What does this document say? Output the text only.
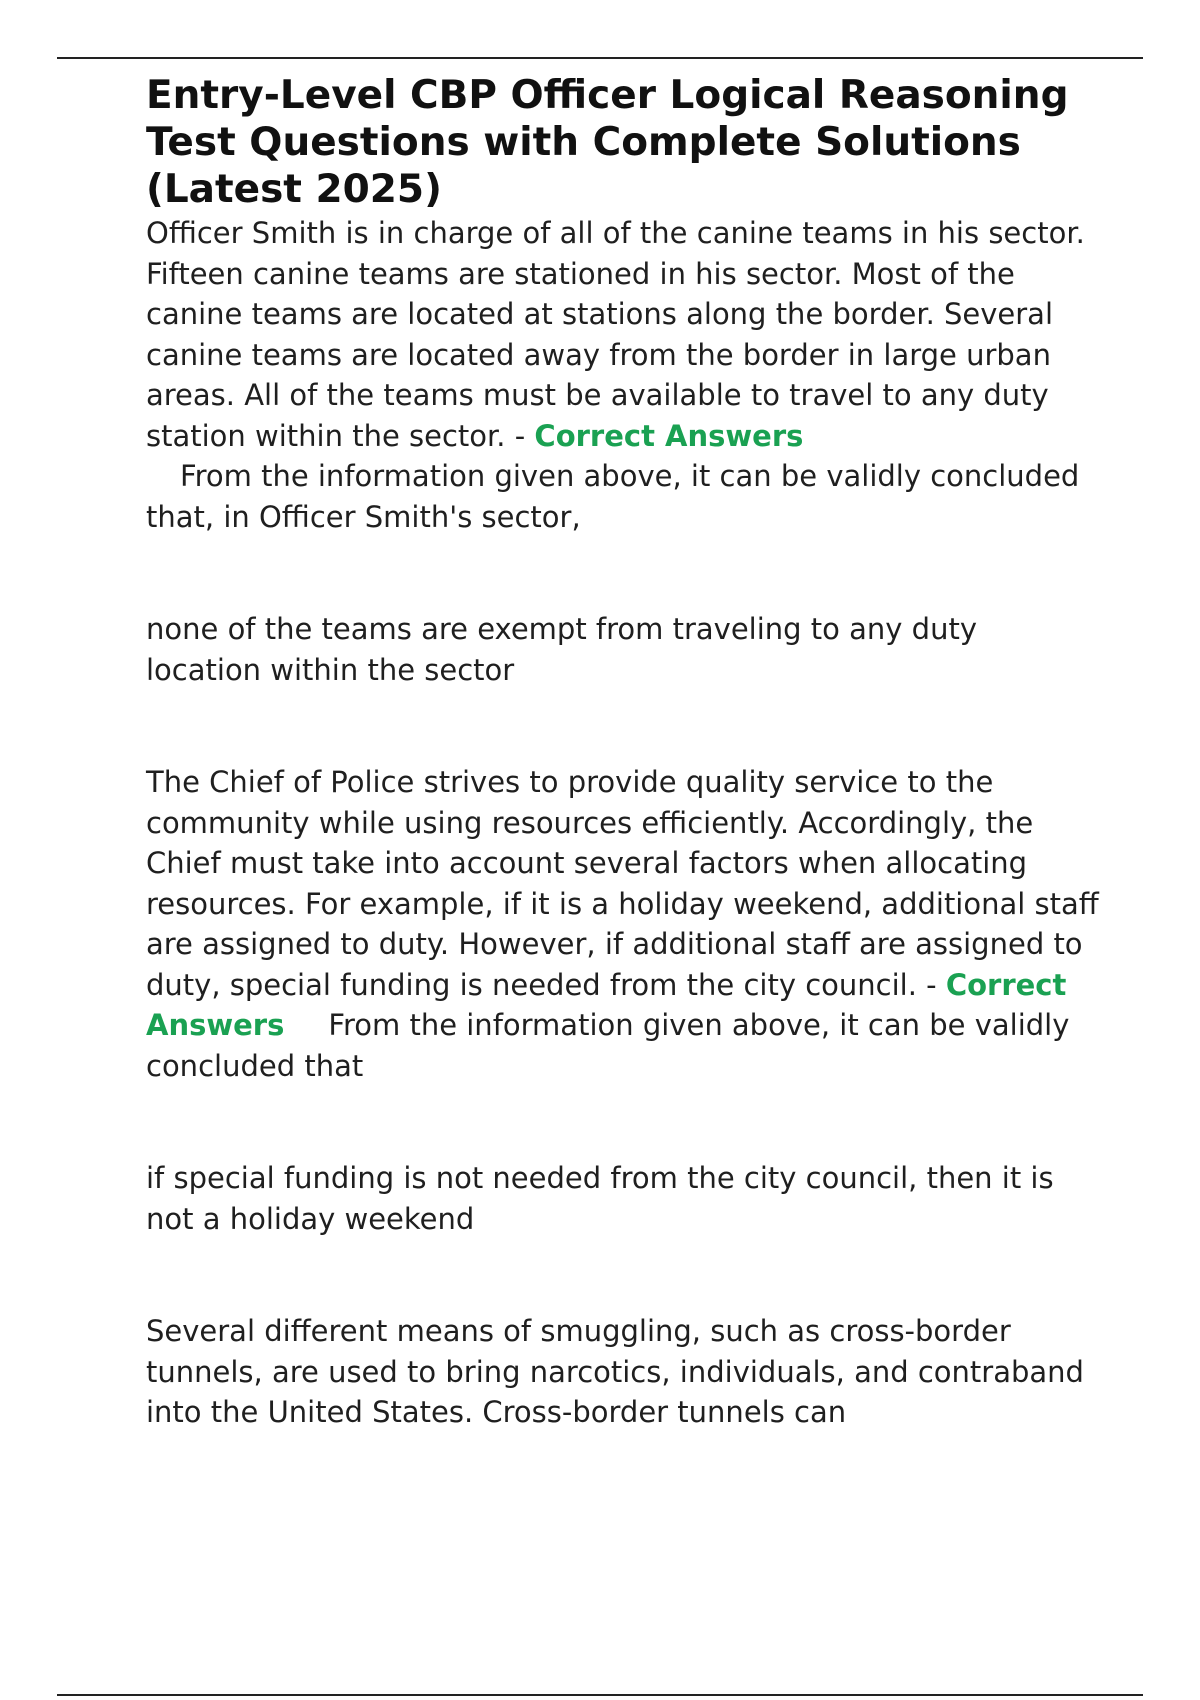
Entry-Level CBP Officer Logical Reasoning Test Questions with Complete Solutions (Latest 2025)

Officer Smith is in charge of all of the canine teams in his sector. Fifteen canine teams are stationed in his sector. Most of the canine teams are located at stations along the border. Several canine teams are located away from the border in large urban areas. All of the teams must be available to travel to any duty station within the sector. - Correct Answers
From the information given above, it can be validly concluded that, in Officer Smith's sector,

none of the teams are exempt from traveling to any duty location within the sector

The Chief of Police strives to provide quality service to the community while using resources efficiently. Accordingly, the Chief must take into account several factors when allocating resources. For example, if it is a holiday weekend, additional staff are assigned to duty. However, if additional staff are assigned to duty, special funding is needed from the city council. - Correct Answers From the information given above, it can be validly concluded that

if special funding is not needed from the city council, then it is not a holiday weekend

Several different means of smuggling, such as cross-border tunnels, are used to bring narcotics, individuals, and contraband into the United States. Cross-border tunnels can
